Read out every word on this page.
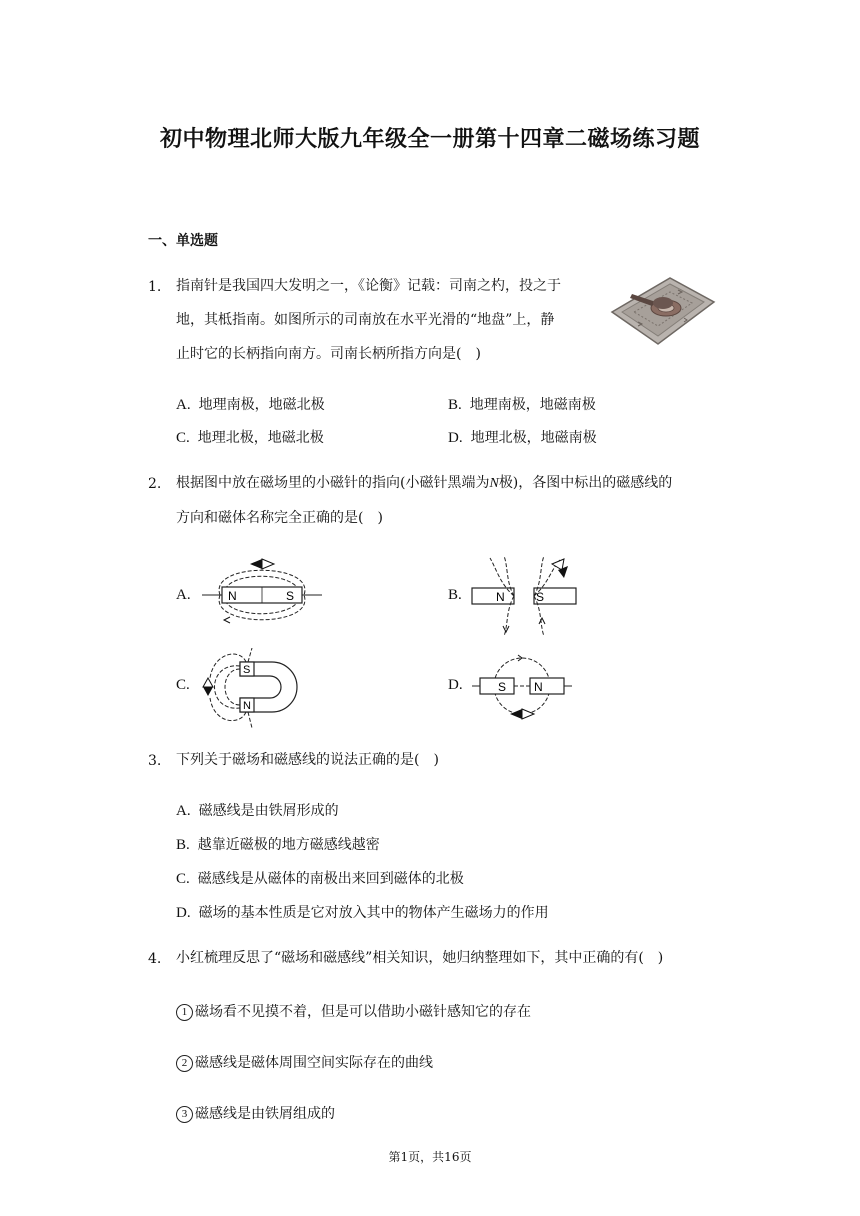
初中物理北师大版九年级全一册第十四章二磁场练习题
一、单选题
1. 指南针是我国四大发明之一，《论衡》记载：司南之杓，投之于
地，其柢指南。如图所示的司南放在水平光滑的“地盘”上，静
止时它的长柄指向南方。司南长柄所指方向是(　)
A. 地理南极，地磁北极	B. 地理南极，地磁南极
C. 地理北极，地磁北极	D. 地理北极，地磁南极
2. 根据图中放在磁场里的小磁针的指向(小磁针黑端为N极)，各图中标出的磁感线的
方向和磁体名称完全正确的是(　)
A.	N	S	B.	N	S
C.
S
N
D.	S N
3. 下列关于磁场和磁感线的说法正确的是(　)
A. 磁感线是由铁屑形成的
B. 越靠近磁极的地方磁感线越密
C. 磁感线是从磁体的南极出来回到磁体的北极
D. 磁场的基本性质是它对放入其中的物体产生磁场力的作用
4. 小红梳理反思了“磁场和磁感线”相关知识，她归纳整理如下，其中正确的有(　)
1 磁场看不见摸不着，但是可以借助小磁针感知它的存在
2 磁感线是磁体周围空间实际存在的曲线
3 磁感线是由铁屑组成的
第1页，共16页
